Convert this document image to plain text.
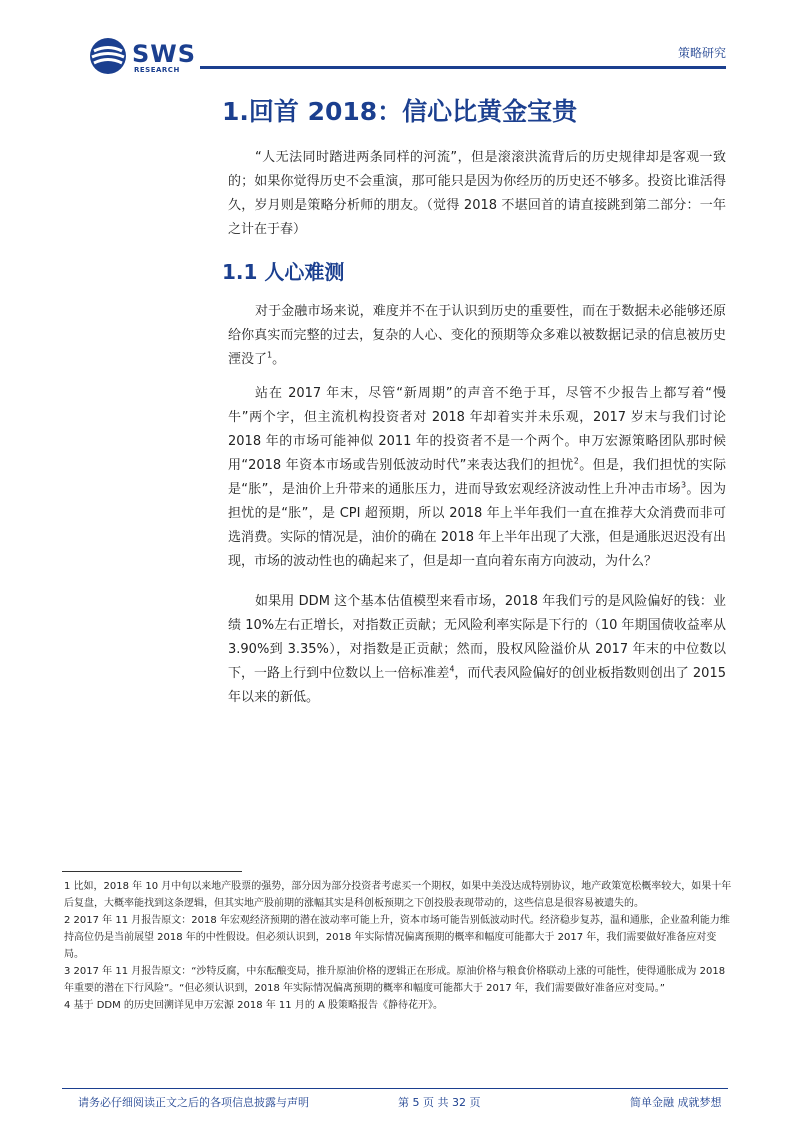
SWS
RESEARCH
策略研究
1.回首 2018：信心比黄金宝贵

“人无法同时踏进两条同样的河流”，但是滚滚洪流背后的历史规律却是客观一致的；如果你觉得历史不会重演，那可能只是因为你经历的历史还不够多。投资比谁活得久，岁月则是策略分析师的朋友。（觉得 2018 不堪回首的请直接跳到第二部分：一年之计在于春）

1.1 人心难测

对于金融市场来说，难度并不在于认识到历史的重要性，而在于数据未必能够还原给你真实而完整的过去，复杂的人心、变化的预期等众多难以被数据记录的信息被历史湮没了$^1$。

站在 2017 年末，尽管“新周期”的声音不绝于耳，尽管不少报告上都写着“慢牛”两个字，但主流机构投资者对 2018 年却着实并未乐观，2017 岁末与我们讨论 2018 年的市场可能神似 2011 年的投资者不是一个两个。申万宏源策略团队那时候用“2018 年资本市场或告别低波动时代”来表达我们的担忧$^2$。但是，我们担忧的实际是“胀”，是油价上升带来的通胀压力，进而导致宏观经济波动性上升冲击市场$^3$。因为担忧的是“胀”，是 CPI 超预期，所以 2018 年上半年我们一直在推荐大众消费而非可选消费。实际的情况是，油价的确在 2018 年上半年出现了大涨，但是通胀迟迟没有出现，市场的波动性也的确起来了，但是却一直向着东南方向波动，为什么？

如果用 DDM 这个基本估值模型来看市场，2018 年我们亏的是风险偏好的钱：业绩 10%左右正增长，对指数正贡献；无风险利率实际是下行的（10 年期国债收益率从 3.90%到 3.35%），对指数是正贡献；然而，股权风险溢价从 2017 年末的中位数以下，一路上行到中位数以上一倍标准差$^4$，而代表风险偏好的创业板指数则创出了 2015 年以来的新低。

1 比如，2018 年 10 月中旬以来地产股票的强势，部分因为部分投资者考虑买一个期权，如果中美没达成特别协议，地产政策宽松概率较大，如果十年后复盘，大概率能找到这条逻辑，但其实地产股前期的涨幅其实是科创板预期之下创投股表现带动的，这些信息是很容易被遗失的。

2 2017 年 11 月报告原文：2018 年宏观经济预期的潜在波动率可能上升，资本市场可能告别低波动时代。经济稳步复苏，温和通胀，企业盈利能力维持高位仍是当前展望 2018 年的中性假设。但必须认识到，2018 年实际情况偏离预期的概率和幅度可能都大于 2017 年，我们需要做好准备应对变局。

3 2017 年 11 月报告原文：“沙特反腐，中东酝酿变局，推升原油价格的逻辑正在形成。原油价格与粮食价格联动上涨的可能性，使得通胀成为 2018 年重要的潜在下行风险”。“但必须认识到，2018 年实际情况偏离预期的概率和幅度可能都大于 2017 年，我们需要做好准备应对变局。”

4 基于 DDM 的历史回溯详见申万宏源 2018 年 11 月的 A 股策略报告《静待花开》。

请务必仔细阅读正文之后的各项信息披露与声明	第 5 页 共 32 页	简单金融 成就梦想
